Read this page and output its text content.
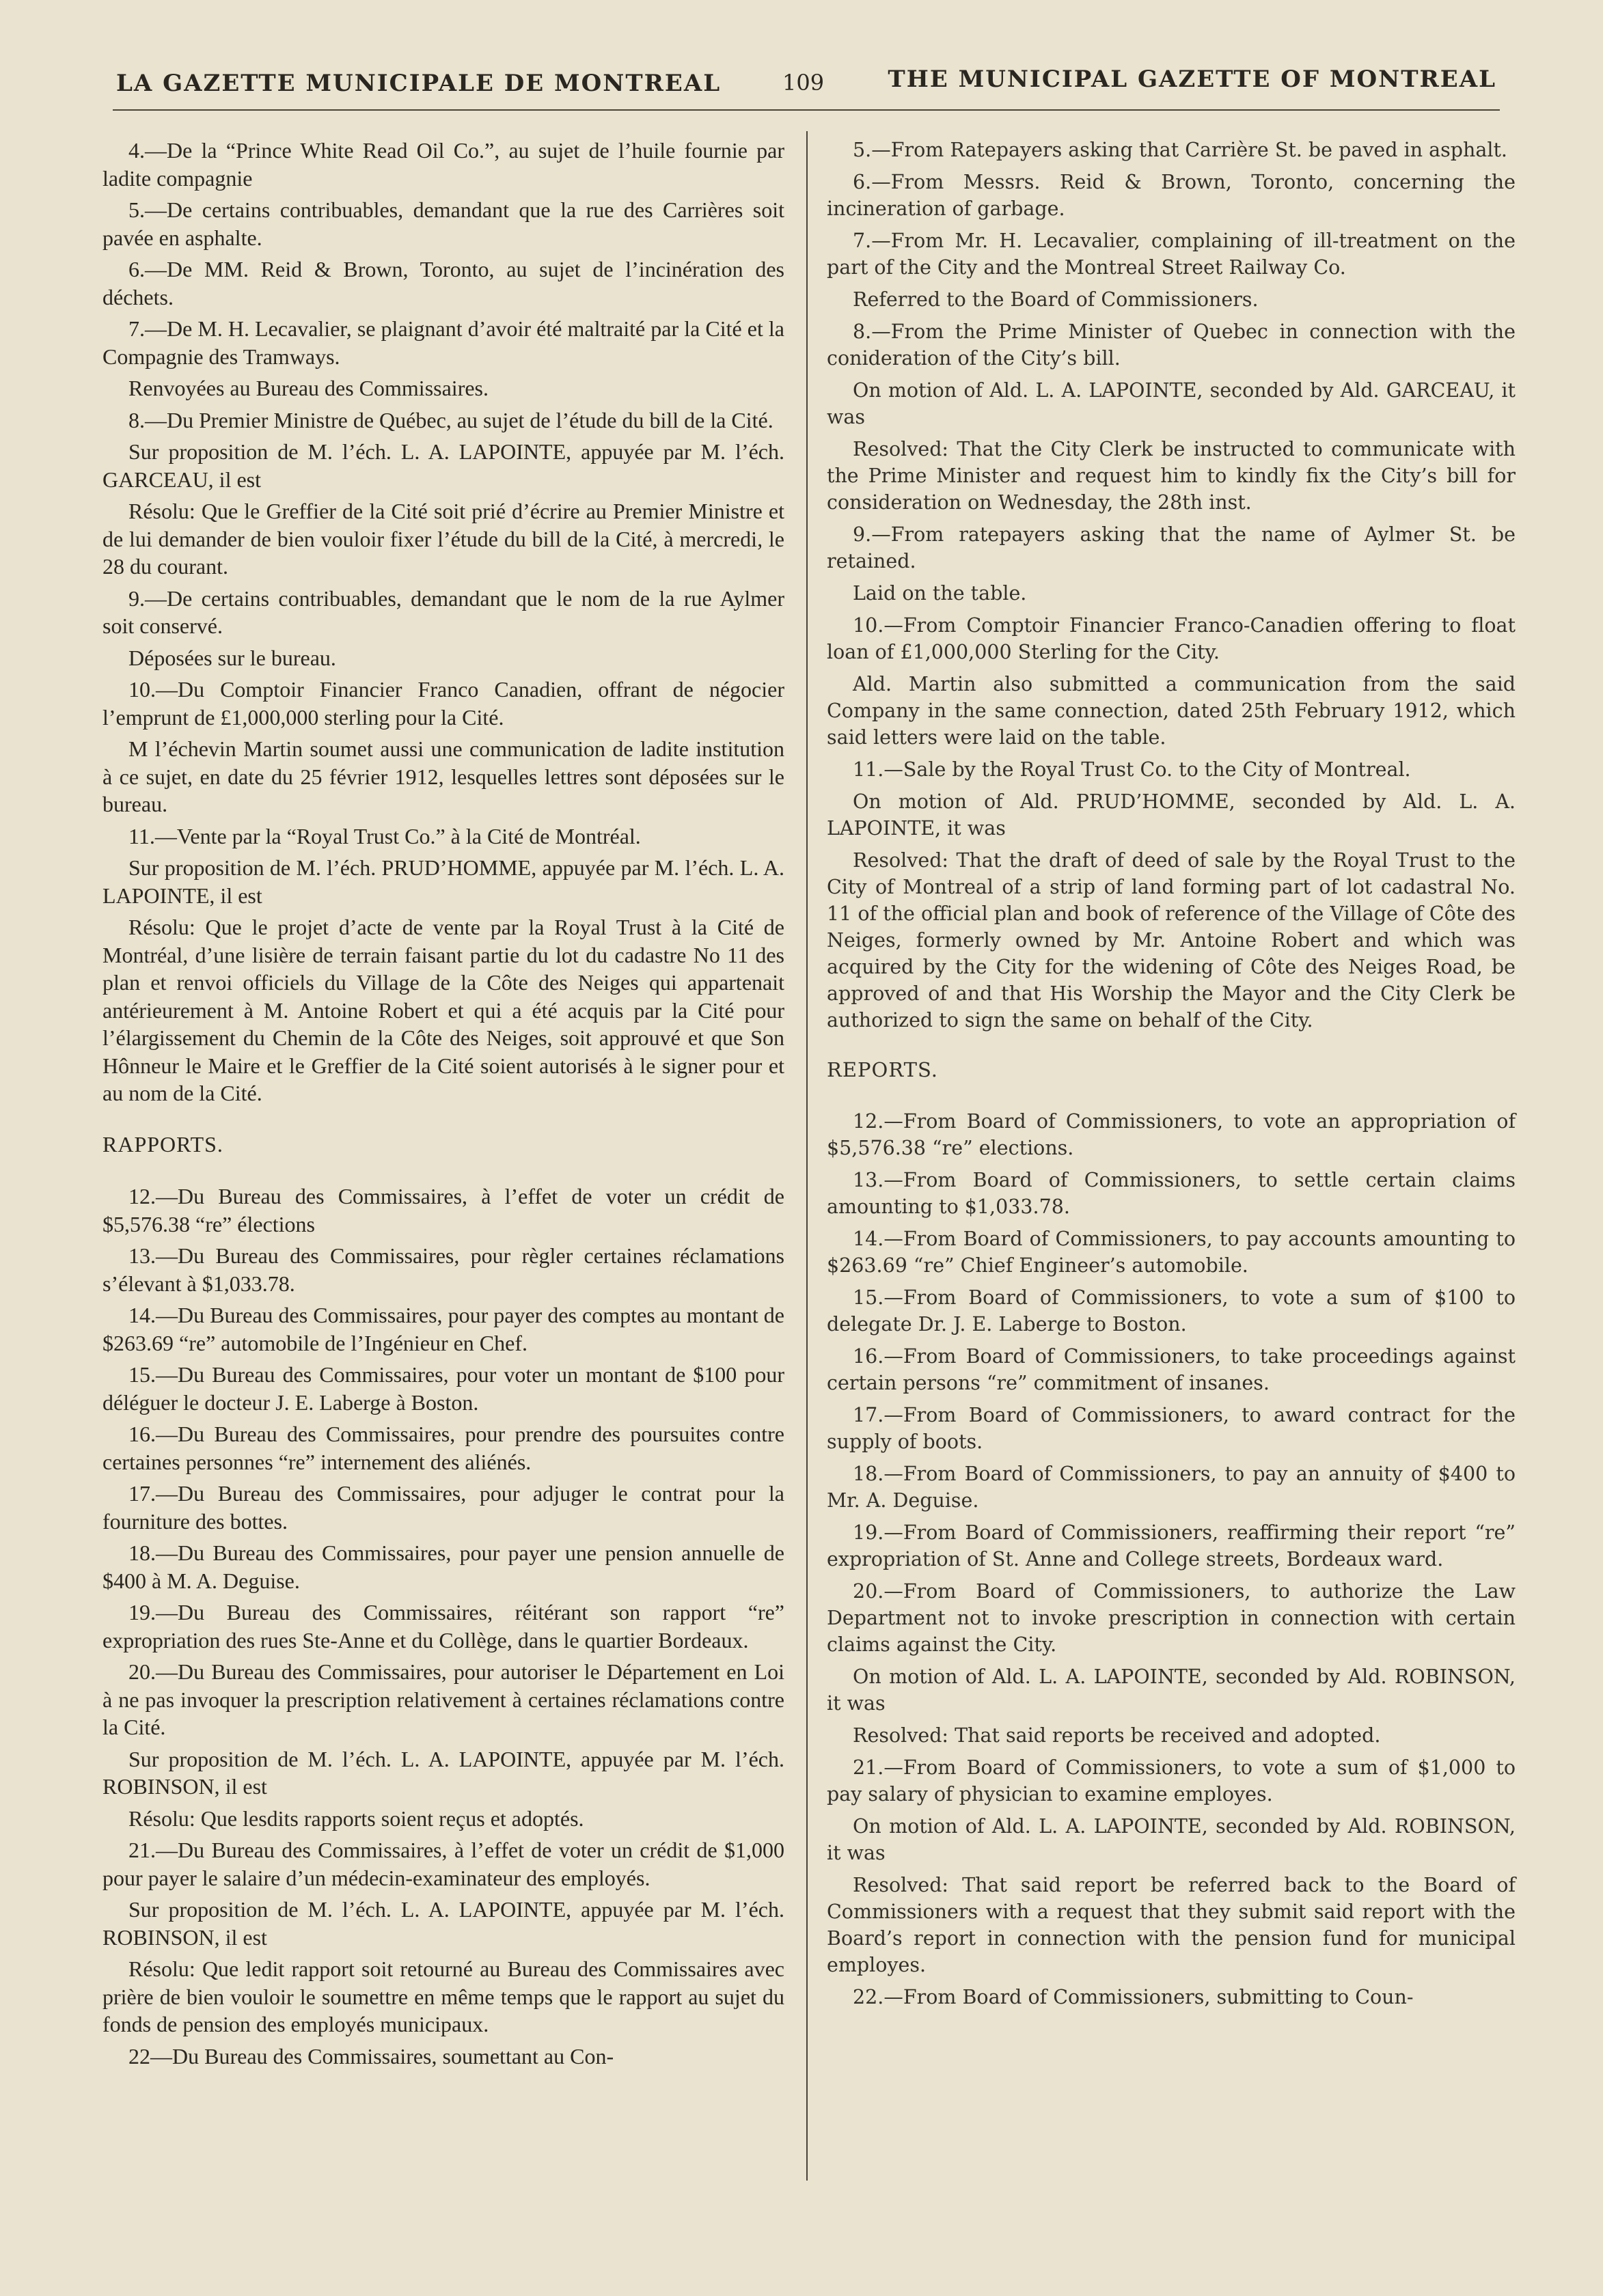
LA GAZETTE MUNICIPALE DE MONTREAL	109	THE MUNICIPAL GAZETTE OF MONTREAL

4.—De la “Prince White Read Oil Co.”, au sujet de l’huile fournie par ladite compagnie

5.—De certains contribuables, demandant que la rue des Carrières soit pavée en asphalte.

6.—De MM. Reid & Brown, Toronto, au sujet de l’incinération des déchets.

7.—De M. H. Lecavalier, se plaignant d’avoir été maltraité par la Cité et la Compagnie des Tramways.

Renvoyées au Bureau des Commissaires.

8.—Du Premier Ministre de Québec, au sujet de l’étude du bill de la Cité.

Sur proposition de M. l’éch. L. A. LAPOINTE, appuyée par M. l’éch. GARCEAU, il est

Résolu: Que le Greffier de la Cité soit prié d’écrire au Premier Ministre et de lui demander de bien vouloir fixer l’étude du bill de la Cité, à mercredi, le 28 du courant.

9.—De certains contribuables, demandant que le nom de la rue Aylmer soit conservé.

Déposées sur le bureau.

10.—Du Comptoir Financier Franco Canadien, offrant de négocier l’emprunt de £1,000,000 sterling pour la Cité.

M l’échevin Martin soumet aussi une communication de ladite institution à ce sujet, en date du 25 février 1912, lesquelles lettres sont déposées sur le bureau.

11.—Vente par la “Royal Trust Co.” à la Cité de Montréal.

Sur proposition de M. l’éch. PRUD’HOMME, appuyée par M. l’éch. L. A. LAPOINTE, il est

Résolu: Que le projet d’acte de vente par la Royal Trust à la Cité de Montréal, d’une lisière de terrain faisant partie du lot du cadastre No 11 des plan et renvoi officiels du Village de la Côte des Neiges qui appartenait antérieurement à M. Antoine Robert et qui a été acquis par la Cité pour l’élargissement du Chemin de la Côte des Neiges, soit approuvé et que Son Hônneur le Maire et le Greffier de la Cité soient autorisés à le signer pour et au nom de la Cité.

RAPPORTS.

12.—Du Bureau des Commissaires, à l’effet de voter un crédit de $5,576.38 “re” élections

13.—Du Bureau des Commissaires, pour règler certaines réclamations s’élevant à $1,033.78.

14.—Du Bureau des Commissaires, pour payer des comptes au montant de $263.69 “re” automobile de l’Ingénieur en Chef.

15.—Du Bureau des Commissaires, pour voter un montant de $100 pour déléguer le docteur J. E. Laberge à Boston.

16.—Du Bureau des Commissaires, pour prendre des poursuites contre certaines personnes “re” internement des aliénés.

17.—Du Bureau des Commissaires, pour adjuger le contrat pour la fourniture des bottes.

18.—Du Bureau des Commissaires, pour payer une pension annuelle de $400 à M. A. Deguise.

19.—Du Bureau des Commissaires, réitérant son rapport “re” expropriation des rues Ste-Anne et du Collège, dans le quartier Bordeaux.

20.—Du Bureau des Commissaires, pour autoriser le Département en Loi à ne pas invoquer la prescription relativement à certaines réclamations contre la Cité.

Sur proposition de M. l’éch. L. A. LAPOINTE, appuyée par M. l’éch. ROBINSON, il est

Résolu: Que lesdits rapports soient reçus et adoptés.

21.—Du Bureau des Commissaires, à l’effet de voter un crédit de $1,000 pour payer le salaire d’un médecin-examinateur des employés.

Sur proposition de M. l’éch. L. A. LAPOINTE, appuyée par M. l’éch. ROBINSON, il est

Résolu: Que ledit rapport soit retourné au Bureau des Commissaires avec prière de bien vouloir le soumettre en même temps que le rapport au sujet du fonds de pension des employés municipaux.

22—Du Bureau des Commissaires, soumettant au Con-

5.—From Ratepayers asking that Carrière St. be paved in asphalt.

6.—From Messrs. Reid & Brown, Toronto, concerning the incineration of garbage.

7.—From Mr. H. Lecavalier, complaining of ill-treatment on the part of the City and the Montreal Street Railway Co.

Referred to the Board of Commissioners.

8.—From the Prime Minister of Quebec in connection with the conideration of the City’s bill.

On motion of Ald. L. A. LAPOINTE, seconded by Ald. GARCEAU, it was

Resolved: That the City Clerk be instructed to communicate with the Prime Minister and request him to kindly fix the City’s bill for consideration on Wednesday, the 28th inst.

9.—From ratepayers asking that the name of Aylmer St. be retained.

Laid on the table.

10.—From Comptoir Financier Franco-Canadien offering to float loan of £1,000,000 Sterling for the City.

Ald. Martin also submitted a communication from the said Company in the same connection, dated 25th February 1912, which said letters were laid on the table.

11.—Sale by the Royal Trust Co. to the City of Montreal.

On motion of Ald. PRUD’HOMME, seconded by Ald. L. A. LAPOINTE, it was

Resolved: That the draft of deed of sale by the Royal Trust to the City of Montreal of a strip of land forming part of lot cadastral No. 11 of the official plan and book of reference of the Village of Côte des Neiges, formerly owned by Mr. Antoine Robert and which was acquired by the City for the widening of Côte des Neiges Road, be approved of and that His Worship the Mayor and the City Clerk be authorized to sign the same on behalf of the City.

REPORTS.

12.—From Board of Commissioners, to vote an appropriation of $5,576.38 “re” elections.

13.—From Board of Commissioners, to settle certain claims amounting to $1,033.78.

14.—From Board of Commissioners, to pay accounts amounting to $263.69 “re” Chief Engineer’s automobile.

15.—From Board of Commissioners, to vote a sum of $100 to delegate Dr. J. E. Laberge to Boston.

16.—From Board of Commissioners, to take proceedings against certain persons “re” commitment of insanes.

17.—From Board of Commissioners, to award contract for the supply of boots.

18.—From Board of Commissioners, to pay an annuity of $400 to Mr. A. Deguise.

19.—From Board of Commissioners, reaffirming their report “re” expropriation of St. Anne and College streets, Bordeaux ward.

20.—From Board of Commissioners, to authorize the Law Department not to invoke prescription in connection with certain claims against the City.

On motion of Ald. L. A. LAPOINTE, seconded by Ald. ROBINSON, it was

Resolved: That said reports be received and adopted.

21.—From Board of Commissioners, to vote a sum of $1,000 to pay salary of physician to examine employes.

On motion of Ald. L. A. LAPOINTE, seconded by Ald. ROBINSON, it was

Resolved: That said report be referred back to the Board of Commissioners with a request that they submit said report with the Board’s report in connection with the pension fund for municipal employes.

22.—From Board of Commissioners, submitting to Coun-
